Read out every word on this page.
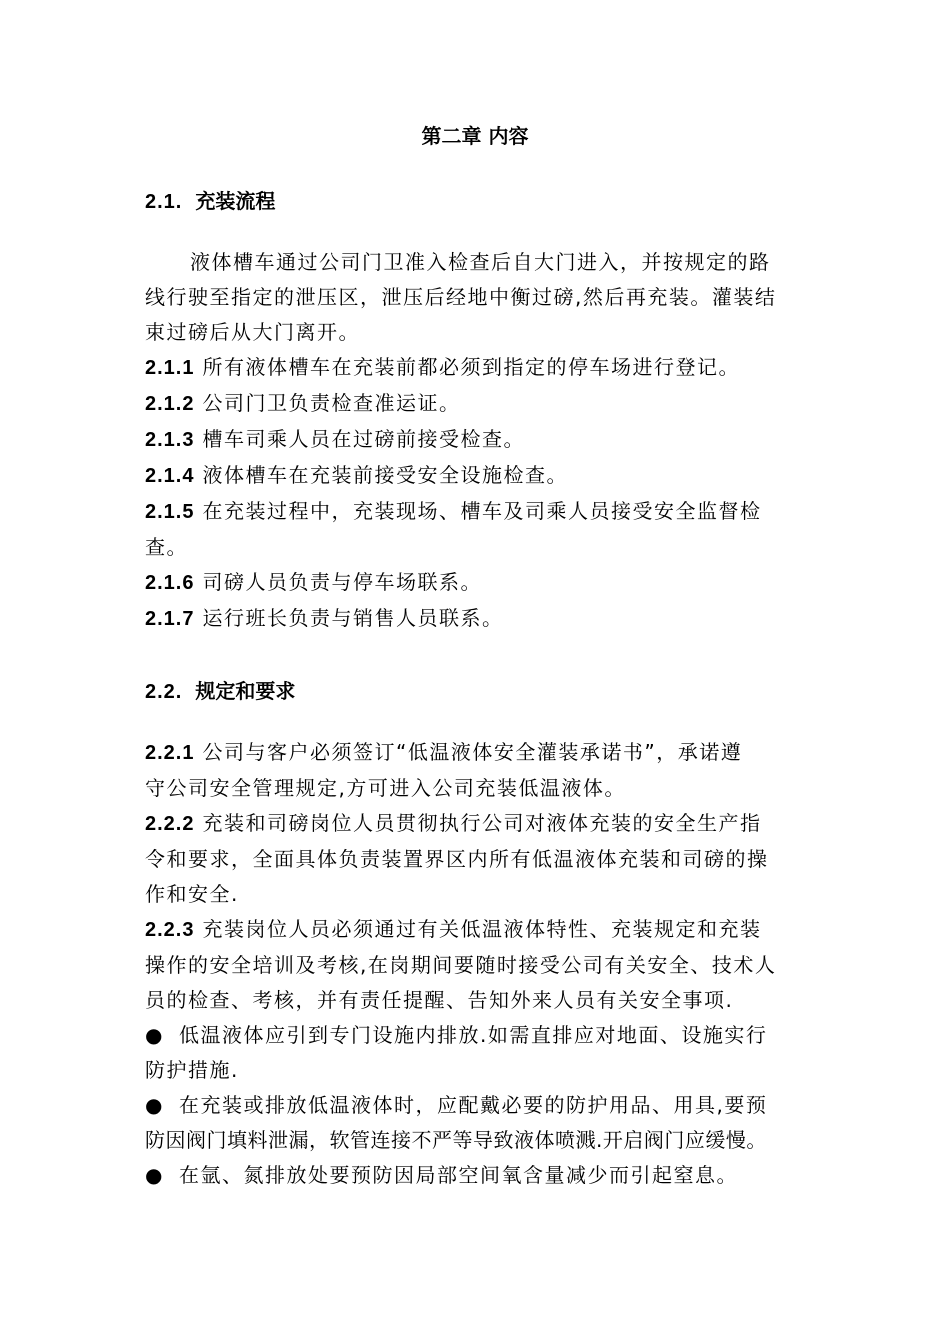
第二章 内容
2.1. 充装流程

液体槽车通过公司门卫准入检查后自大门进入，并按规定的路

线行驶至指定的泄压区，泄压后经地中衡过磅,然后再充装。灌装结

束过磅后从大门离开。

2.1.1 所有液体槽车在充装前都必须到指定的停车场进行登记。

2.1.2 公司门卫负责检查准运证。

2.1.3 槽车司乘人员在过磅前接受检查。

2.1.4 液体槽车在充装前接受安全设施检查。

2.1.5 在充装过程中，充装现场、槽车及司乘人员接受安全监督检

查。

2.1.6 司磅人员负责与停车场联系。

2.1.7 运行班长负责与销售人员联系。

2.2. 规定和要求

2.2.1 公司与客户必须签订“低温液体安全灌装承诺书”，承诺遵

守公司安全管理规定,方可进入公司充装低温液体。

2.2.2 充装和司磅岗位人员贯彻执行公司对液体充装的安全生产指

令和要求，全面具体负责装置界区内所有低温液体充装和司磅的操

作和安全.

2.2.3 充装岗位人员必须通过有关低温液体特性、充装规定和充装

操作的安全培训及考核,在岗期间要随时接受公司有关安全、技术人

员的检查、考核，并有责任提醒、告知外来人员有关安全事项.

● 低温液体应引到专门设施内排放.如需直排应对地面、设施实行

防护措施.

● 在充装或排放低温液体时，应配戴必要的防护用品、用具,要预

防因阀门填料泄漏，软管连接不严等导致液体喷溅.开启阀门应缓慢。

● 在氩、氮排放处要预防因局部空间氧含量减少而引起窒息。
